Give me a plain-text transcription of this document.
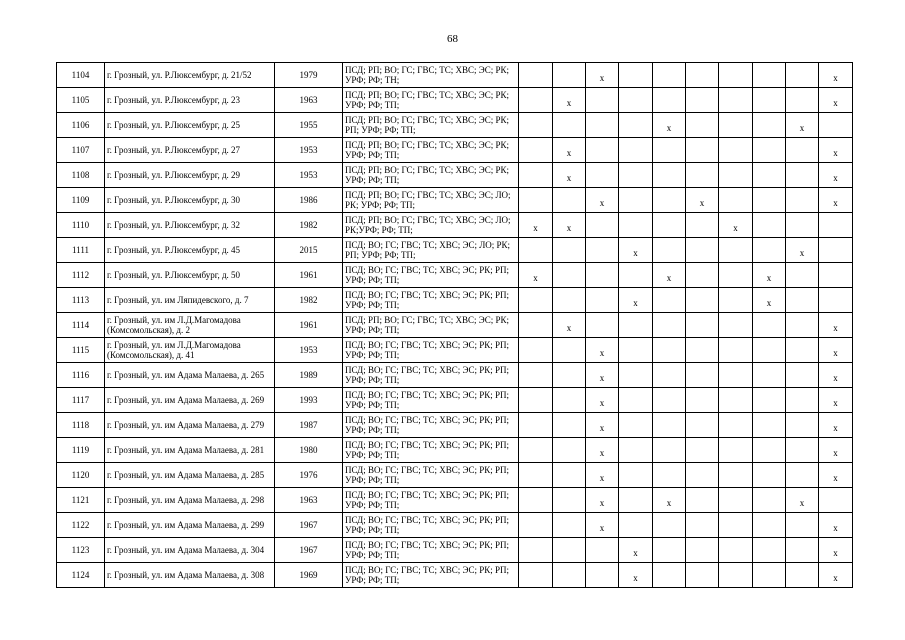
68
1104	г. Грозный, ул. Р.Люксембург, д. 21/52	1979	ПСД; РП; ВО; ГС; ГВС; ТС; ХВС; ЭС; РК; УРФ; РФ; ТН;			x							x
1105	г. Грозный, ул. Р.Люксембург, д. 23	1963	ПСД; РП; ВО; ГС; ГВС; ТС; ХВС; ЭС; РК; УРФ; РФ; ТП;		x								x
1106	г. Грозный, ул. Р.Люксембург, д. 25	1955	ПСД; РП; ВО; ГС; ГВС; ТС; ХВС; ЭС; РК; РП; УРФ; РФ; ТП;					x				x	
1107	г. Грозный, ул. Р.Люксембург, д. 27	1953	ПСД; РП; ВО; ГС; ГВС; ТС; ХВС; ЭС; РК; УРФ; РФ; ТП;		x								x
1108	г. Грозный, ул. Р.Люксембург, д. 29	1953	ПСД; РП; ВО; ГС; ГВС; ТС; ХВС; ЭС; РК; УРФ; РФ; ТП;		x								x
1109	г. Грозный, ул. Р.Люксембург, д. 30	1986	ПСД; РП; ВО; ГС; ГВС; ТС; ХВС; ЭС; ЛО; РК; УРФ; РФ; ТП;			x			x				x
1110	г. Грозный, ул. Р.Люксембург, д. 32	1982	ПСД; РП; ВО; ГС; ГВС; ТС; ХВС; ЭС; ЛО; РК;УРФ; РФ; ТП;	x	x					x			
1111	г. Грозный, ул. Р.Люксембург, д. 45	2015	ПСД; ВО; ГС; ГВС; ТС; ХВС; ЭС; ЛО; РК; РП; УРФ; РФ; ТП;				x					x	
1112	г. Грозный, ул. Р.Люксембург, д. 50	1961	ПСД; ВО; ГС; ГВС; ТС; ХВС; ЭС; РК; РП; УРФ; РФ; ТП;	x				x			x		
1113	г. Грозный, ул. им Ляпидевского, д. 7	1982	ПСД; ВО; ГС; ГВС; ТС; ХВС; ЭС; РК; РП; УРФ; РФ; ТП;				x				x		
1114	г. Грозный, ул. им Л.Д.Магомадова (Комсомольская), д. 2	1961	ПСД; РП; ВО; ГС; ГВС; ТС; ХВС; ЭС; РК; УРФ; РФ; ТП;		x								x
1115	г. Грозный, ул. им Л.Д.Магомадова (Комсомольская), д. 41	1953	ПСД; ВО; ГС; ГВС; ТС; ХВС; ЭС; РК; РП; УРФ; РФ; ТП;			x							x
1116	г. Грозный, ул. им Адама Малаева, д. 265	1989	ПСД; ВО; ГС; ГВС; ТС; ХВС; ЭС; РК; РП; УРФ; РФ; ТП;			x							x
1117	г. Грозный, ул. им Адама Малаева, д. 269	1993	ПСД; ВО; ГС; ГВС; ТС; ХВС; ЭС; РК; РП; УРФ; РФ; ТП;			x							x
1118	г. Грозный, ул. им Адама Малаева, д. 279	1987	ПСД; ВО; ГС; ГВС; ТС; ХВС; ЭС; РК; РП; УРФ; РФ; ТП;			x							x
1119	г. Грозный, ул. им Адама Малаева, д. 281	1980	ПСД; ВО; ГС; ГВС; ТС; ХВС; ЭС; РК; РП; УРФ; РФ; ТП;			x							x
1120	г. Грозный, ул. им Адама Малаева, д. 285	1976	ПСД; ВО; ГС; ГВС; ТС; ХВС; ЭС; РК; РП; УРФ; РФ; ТП;			x							x
1121	г. Грозный, ул. им Адама Малаева, д. 298	1963	ПСД; ВО; ГС; ГВС; ТС; ХВС; ЭС; РК; РП; УРФ; РФ; ТП;			x		x				x	
1122	г. Грозный, ул. им Адама Малаева, д. 299	1967	ПСД; ВО; ГС; ГВС; ТС; ХВС; ЭС; РК; РП; УРФ; РФ; ТП;			x							x
1123	г. Грозный, ул. им Адама Малаева, д. 304	1967	ПСД; ВО; ГС; ГВС; ТС; ХВС; ЭС; РК; РП; УРФ; РФ; ТП;				x						x
1124	г. Грозный, ул. им Адама Малаева, д. 308	1969	ПСД; ВО; ГС; ГВС; ТС; ХВС; ЭС; РК; РП; УРФ; РФ; ТП;				x						x
